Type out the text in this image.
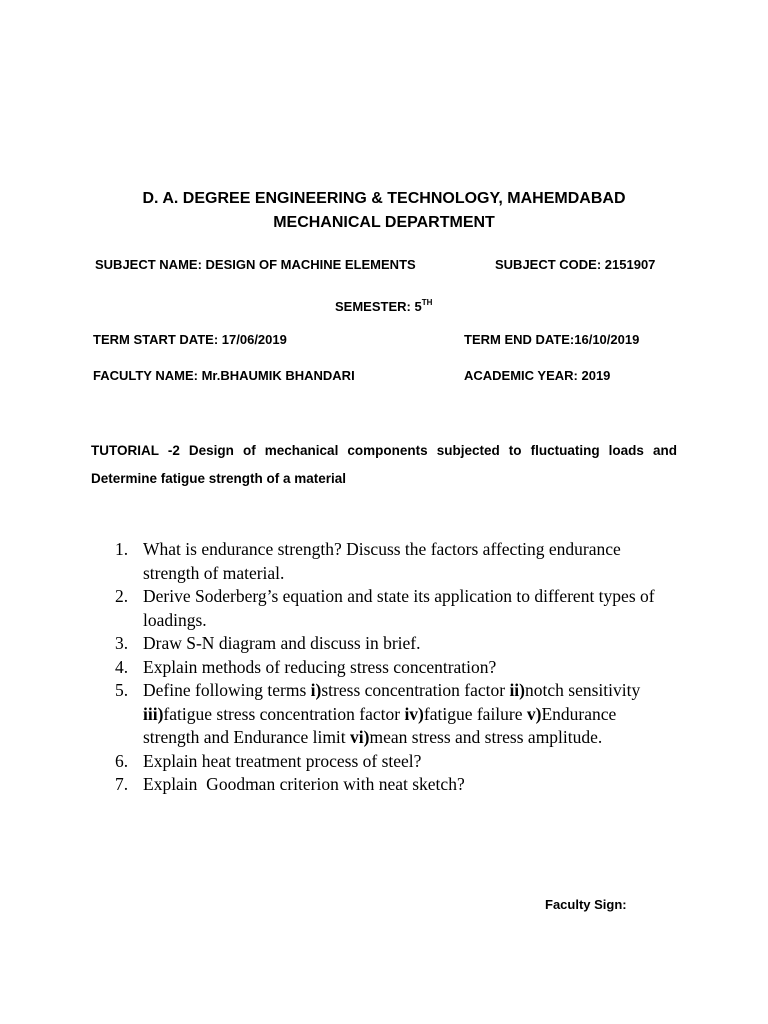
D. A. DEGREE ENGINEERING & TECHNOLOGY, MAHEMDABAD
MECHANICAL DEPARTMENT
SUBJECT NAME: DESIGN OF MACHINE ELEMENTS	SUBJECT CODE: 2151907
SEMESTER: 5TH
TERM START DATE: 17/06/2019	TERM END DATE:16/10/2019
FACULTY NAME: Mr.BHAUMIK BHANDARI	ACADEMIC YEAR: 2019
TUTORIAL -2 Design of mechanical components subjected to fluctuating loads and Determine fatigue strength of a material
1. What is endurance strength? Discuss the factors affecting endurance strength of material.
2. Derive Soderberg’s equation and state its application to different types of loadings.
3. Draw S-N diagram and discuss in brief.
4. Explain methods of reducing stress concentration?
5. Define following terms i)stress concentration factor ii)notch sensitivity iii)fatigue stress concentration factor iv)fatigue failure v)Endurance strength and Endurance limit vi)mean stress and stress amplitude.
6. Explain heat treatment process of steel?
7. Explain  Goodman criterion with neat sketch?
Faculty Sign:
